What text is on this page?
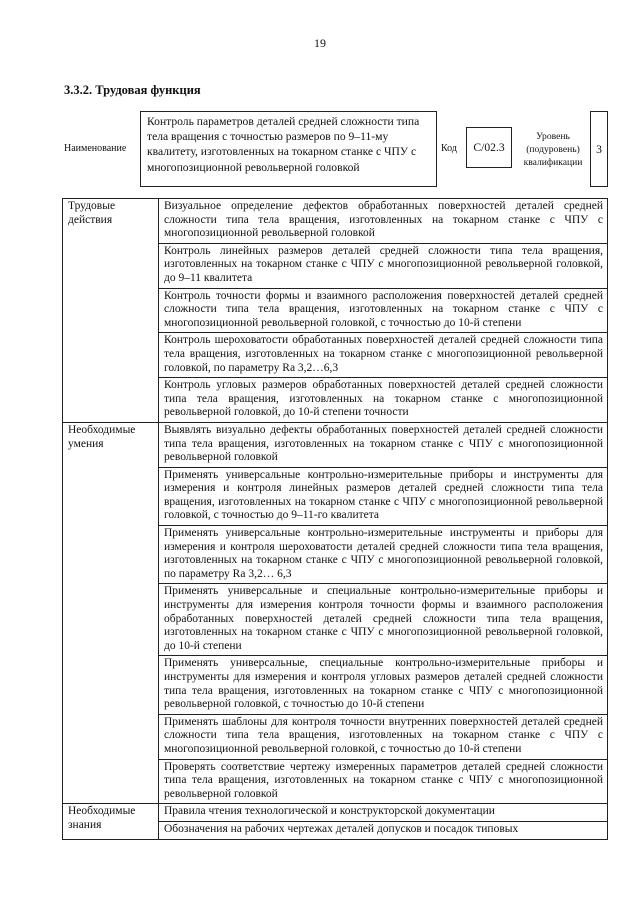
19
3.3.2. Трудовая функция
Наименование
Контроль параметров деталей средней сложности типа тела вращения с точностью размеров по 9–11-му квалитету, изготовленных на токарном станке с ЧПУ с многопозиционной револьверной головкой
Код	C/02.3
Уровень (подуровень) квалификации
3
Трудовые действия	Визуальное определение дефектов обработанных поверхностей деталей средней сложности типа тела вращения, изготовленных на токарном станке с ЧПУ с многопозиционной револьверной головкой
	Контроль линейных размеров деталей средней сложности типа тела вращения, изготовленных на токарном станке с ЧПУ с многопозиционной револьверной головкой, до 9–11 квалитета
	Контроль точности формы и взаимного расположения поверхностей деталей средней сложности типа тела вращения, изготовленных на токарном станке с ЧПУ с многопозиционной револьверной головкой, с точностью до 10-й степени
	Контроль шероховатости обработанных поверхностей деталей средней сложности типа тела вращения, изготовленных на токарном станке с многопозиционной револьверной головкой, по параметру Ra 3,2…6,3
	Контроль угловых размеров обработанных поверхностей деталей средней сложности типа тела вращения, изготовленных на токарном станке с многопозиционной револьверной головкой, до 10-й степени точности
Необходимые умения	Выявлять визуально дефекты обработанных поверхностей деталей средней сложности типа тела вращения, изготовленных на токарном станке с ЧПУ с многопозиционной револьверной головкой
	Применять универсальные контрольно-измерительные приборы и инструменты для измерения и контроля линейных размеров деталей средней сложности типа тела вращения, изготовленных на токарном станке с ЧПУ с многопозиционной револьверной головкой, с точностью до 9–11-го квалитета
	Применять универсальные контрольно-измерительные инструменты и приборы для измерения и контроля шероховатости деталей средней сложности типа тела вращения, изготовленных на токарном станке с ЧПУ с многопозиционной револьверной головкой, по параметру Ra 3,2… 6,3
	Применять универсальные и специальные контрольно-измерительные приборы и инструменты для измерения контроля точности формы и взаимного расположения обработанных поверхностей деталей средней сложности типа тела вращения, изготовленных на токарном станке с ЧПУ с многопозиционной револьверной головкой, до 10-й степени
	Применять универсальные, специальные контрольно-измерительные приборы и инструменты для измерения и контроля угловых размеров деталей средней сложности типа тела вращения, изготовленных на токарном станке с ЧПУ с многопозиционной револьверной головкой, с точностью до 10-й степени
	Применять шаблоны для контроля точности внутренних поверхностей деталей средней сложности типа тела вращения, изготовленных на токарном станке с ЧПУ с многопозиционной револьверной головкой, с точностью до 10-й степени
	Проверять соответствие чертежу измеренных параметров деталей средней сложности типа тела вращения, изготовленных на токарном станке с ЧПУ с многопозиционной револьверной головкой
Необходимые знания	Правила чтения технологической и конструкторской документации
	Обозначения на рабочих чертежах деталей допусков и посадок типовых
